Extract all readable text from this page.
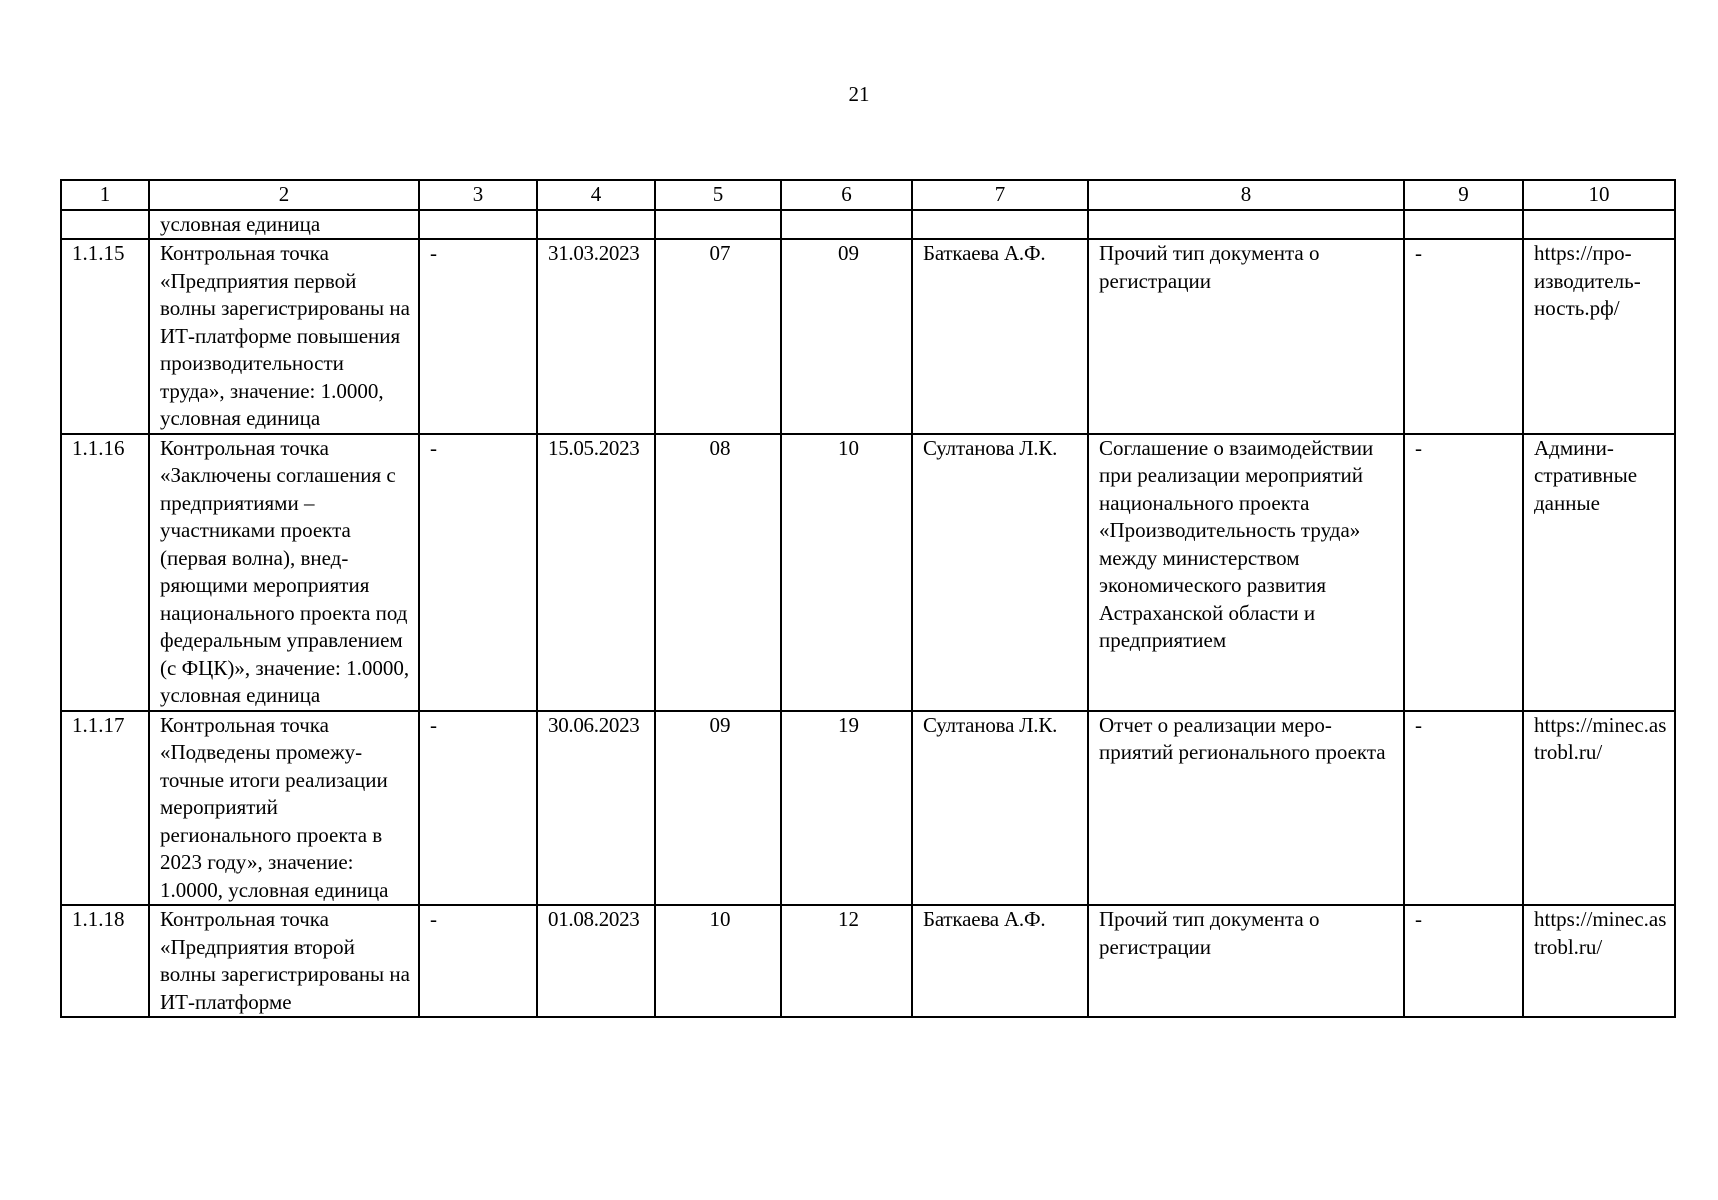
21
1	2	3	4	5	6	7	8	9	10
	условная единица								
1.1.15	Контрольная точка «Предприятия первой волны зарегистрированы на ИТ-платформе повышения производительности труда», значение: 1.0000, условная единица	-	31.03.2023	07	09	Баткаева А.Ф.	Прочий тип документа о регистрации	-	https://производительность.рф/
1.1.16	Контрольная точка «Заключены соглашения с предприятиями – участниками проекта (первая волна), внедряющими мероприятия национального проекта под федеральным управлением (с ФЦК)», значение: 1.0000, условная единица	-	15.05.2023	08	10	Султанова Л.К.	Соглашение о взаимодействии при реализации мероприятий национального проекта «Производительность труда» между министерством экономического развития Астраханской области и предприятием	-	Административные данные
1.1.17	Контрольная точка «Подведены промежуточные итоги реализации мероприятий регионального проекта в 2023 году», значение: 1.0000, условная единица	-	30.06.2023	09	19	Султанова Л.К.	Отчет о реализации мероприятий регионального проекта	-	https://minec.astrobl.ru/
1.1.18	Контрольная точка «Предприятия второй волны зарегистрированы на ИТ-платформе	-	01.08.2023	10	12	Баткаева А.Ф.	Прочий тип документа о регистрации	-	https://minec.astrobl.ru/
